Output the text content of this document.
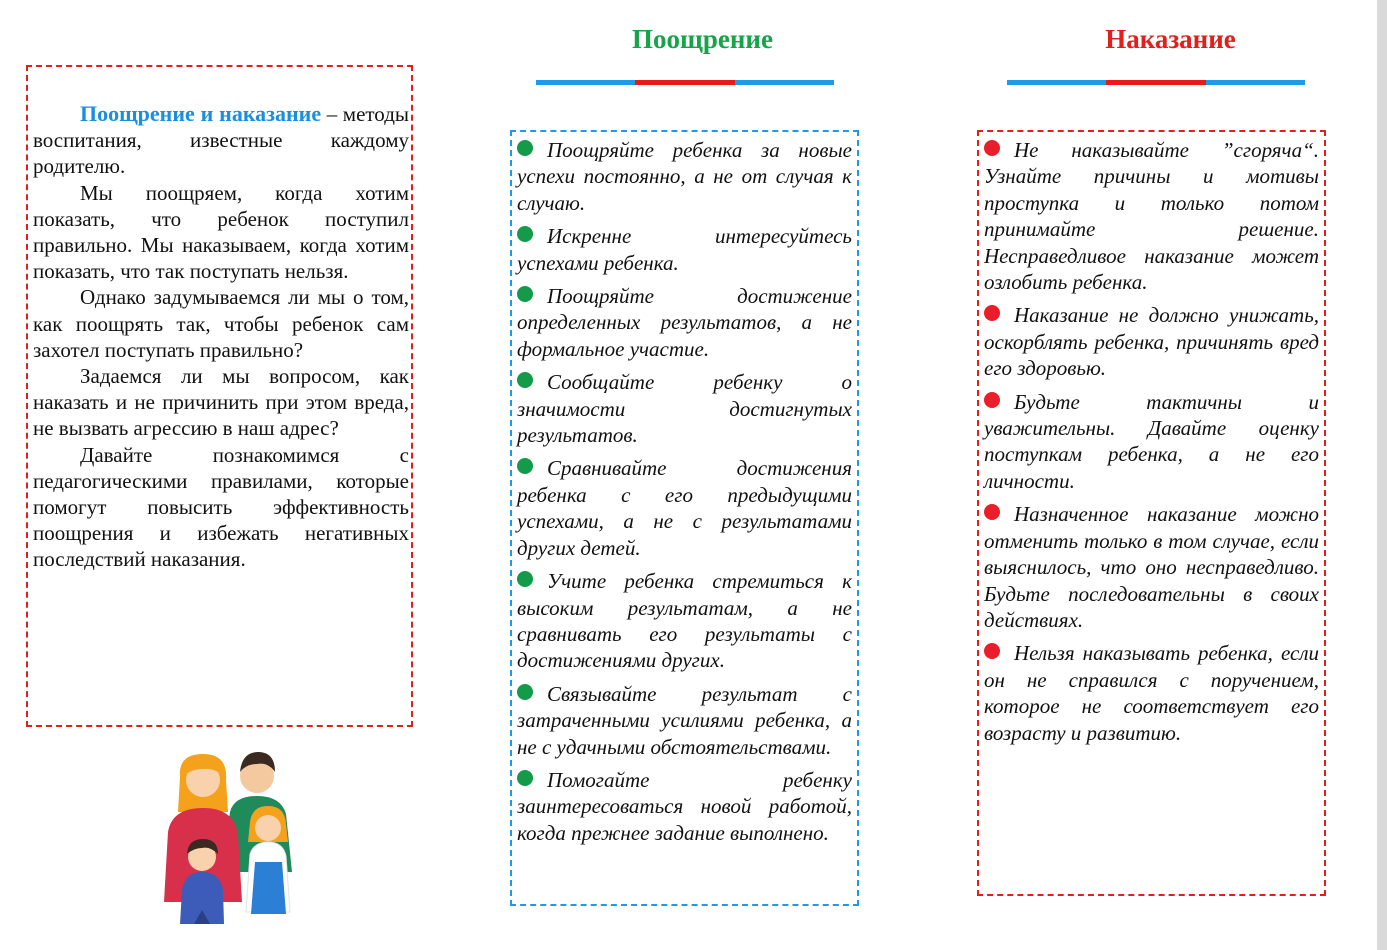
Поощрение и наказание – методы воспитания, известные каждому родителю.

Мы поощряем, когда хотим показать, что ребенок поступил правильно. Мы наказываем, когда хотим показать, что так поступать нельзя.

Однако задумываемся ли мы о том, как поощрять так, чтобы ребенок сам захотел поступать правильно?

Задаемся ли мы вопросом, как наказать и не причинить при этом вреда, не вызвать агрессию в наш адрес?

Давайте познакомимся с педагогическими правилами, которые помогут повысить эффективность поощрения и избежать негативных последствий наказания.

Поощрение
Поощряйте ребенка за новые успехи постоянно, а не от случая к случаю.
Искренне интересуйтесь успехами ребенка.
Поощряйте достижение определенных результатов, а не формальное участие.
Сообщайте ребенку о значимости достигнутых результатов.
Сравнивайте достижения ребенка с его предыдущими успехами, а не с результатами других детей.
Учите ребенка стремиться к высоким результатам, а не сравнивать его результаты с достижениями других.
Связывайте результат с затраченными усилиями ребенка, а не с удачными обстоятельствами.
Помогайте ребенку заинтересоваться новой работой, когда прежнее задание выполнено.
Наказание
Не наказывайте ”сгоряча“. Узнайте причины и мотивы проступка и только потом принимайте решение. Несправедливое наказание может озлобить ребенка.
Наказание не должно унижать, оскорблять ребенка, причинять вред его здоровью.
Будьте тактичны и уважительны. Давайте оценку поступкам ребенка, а не его личности.
Назначенное наказание можно отменить только в том случае, если выяснилось, что оно несправедливо. Будьте последовательны в своих действиях.
Нельзя наказывать ребенка, если он не справился с поручением, которое не соответствует его возрасту и развитию.
